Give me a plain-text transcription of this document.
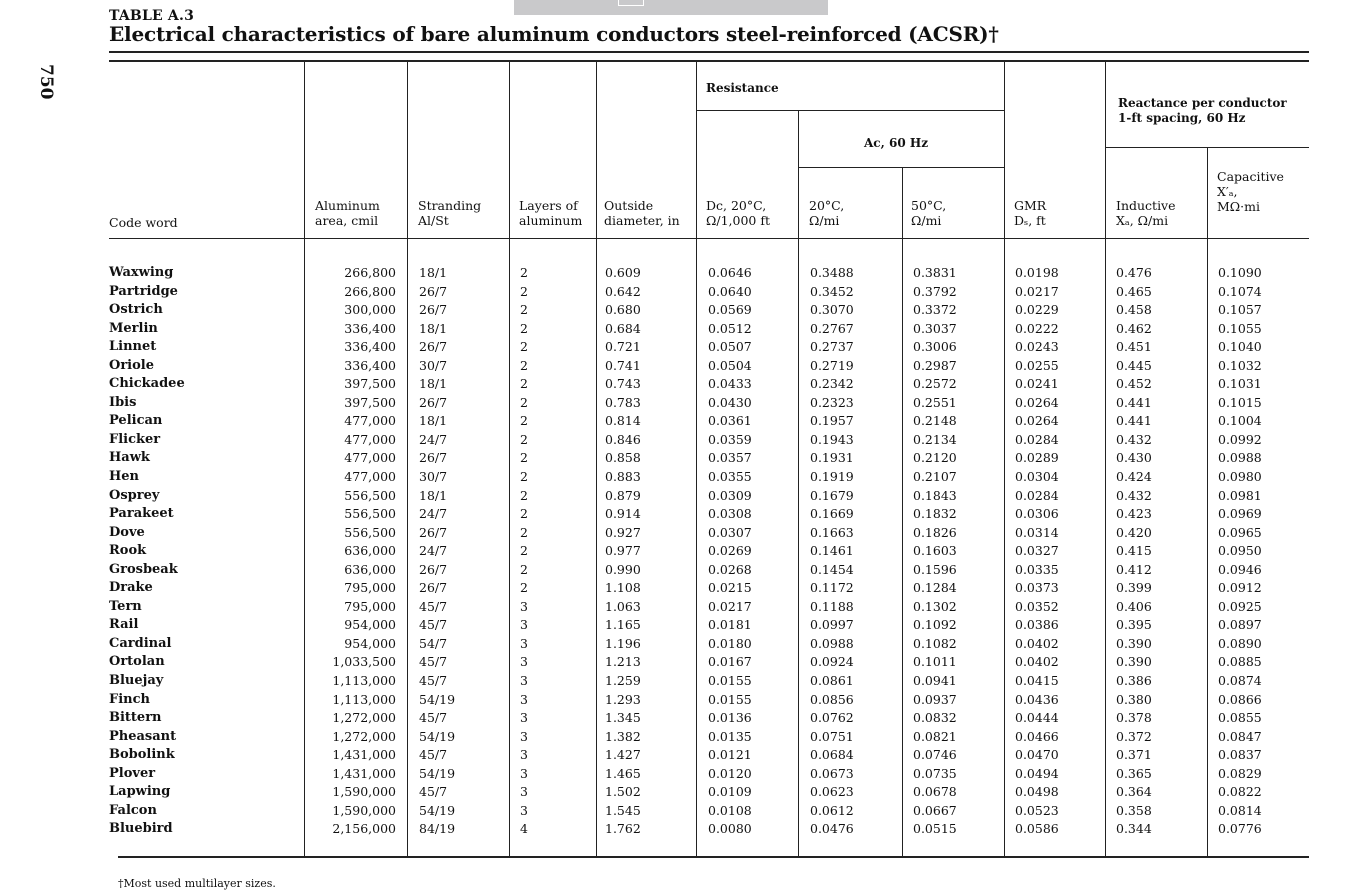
750
TABLE A.3
Electrical characteristics of bare aluminum conductors steel-reinforced (ACSR)†
Code word
Aluminum
area, cmil
Stranding
Al/St
Layers of
aluminum
Outside
diameter, in
Resistance
Ac, 60 Hz
Dc, 20°C,
Ω/1,000 ft
20°C,
Ω/mi
50°C,
Ω/mi
GMR
Dₛ, ft
Reactance per conductor
1-ft spacing, 60 Hz
Inductive
Xₐ, Ω/mi
Capacitive
X′ₐ,
MΩ·mi
Waxwing
Partridge
Ostrich
Merlin
Linnet
Oriole
Chickadee
Ibis
Pelican
Flicker
Hawk
Hen
Osprey
Parakeet
Dove
Rook
Grosbeak
Drake
Tern
Rail
Cardinal
Ortolan
Bluejay
Finch
Bittern
Pheasant
Bobolink
Plover
Lapwing
Falcon
Bluebird
266,800
266,800
300,000
336,400
336,400
336,400
397,500
397,500
477,000
477,000
477,000
477,000
556,500
556,500
556,500
636,000
636,000
795,000
795,000
954,000
954,000
1,033,500
1,113,000
1,113,000
1,272,000
1,272,000
1,431,000
1,431,000
1,590,000
1,590,000
2,156,000
18/1
26/7
26/7
18/1
26/7
30/7
18/1
26/7
18/1
24/7
26/7
30/7
18/1
24/7
26/7
24/7
26/7
26/7
45/7
45/7
54/7
45/7
45/7
54/19
45/7
54/19
45/7
54/19
45/7
54/19
84/19
2
2
2
2
2
2
2
2
2
2
2
2
2
2
2
2
2
2
3
3
3
3
3
3
3
3
3
3
3
3
4
0.609
0.642
0.680
0.684
0.721
0.741
0.743
0.783
0.814
0.846
0.858
0.883
0.879
0.914
0.927
0.977
0.990
1.108
1.063
1.165
1.196
1.213
1.259
1.293
1.345
1.382
1.427
1.465
1.502
1.545
1.762
0.0646
0.0640
0.0569
0.0512
0.0507
0.0504
0.0433
0.0430
0.0361
0.0359
0.0357
0.0355
0.0309
0.0308
0.0307
0.0269
0.0268
0.0215
0.0217
0.0181
0.0180
0.0167
0.0155
0.0155
0.0136
0.0135
0.0121
0.0120
0.0109
0.0108
0.0080
0.3488
0.3452
0.3070
0.2767
0.2737
0.2719
0.2342
0.2323
0.1957
0.1943
0.1931
0.1919
0.1679
0.1669
0.1663
0.1461
0.1454
0.1172
0.1188
0.0997
0.0988
0.0924
0.0861
0.0856
0.0762
0.0751
0.0684
0.0673
0.0623
0.0612
0.0476
0.3831
0.3792
0.3372
0.3037
0.3006
0.2987
0.2572
0.2551
0.2148
0.2134
0.2120
0.2107
0.1843
0.1832
0.1826
0.1603
0.1596
0.1284
0.1302
0.1092
0.1082
0.1011
0.0941
0.0937
0.0832
0.0821
0.0746
0.0735
0.0678
0.0667
0.0515
0.0198
0.0217
0.0229
0.0222
0.0243
0.0255
0.0241
0.0264
0.0264
0.0284
0.0289
0.0304
0.0284
0.0306
0.0314
0.0327
0.0335
0.0373
0.0352
0.0386
0.0402
0.0402
0.0415
0.0436
0.0444
0.0466
0.0470
0.0494
0.0498
0.0523
0.0586
0.476
0.465
0.458
0.462
0.451
0.445
0.452
0.441
0.441
0.432
0.430
0.424
0.432
0.423
0.420
0.415
0.412
0.399
0.406
0.395
0.390
0.390
0.386
0.380
0.378
0.372
0.371
0.365
0.364
0.358
0.344
0.1090
0.1074
0.1057
0.1055
0.1040
0.1032
0.1031
0.1015
0.1004
0.0992
0.0988
0.0980
0.0981
0.0969
0.0965
0.0950
0.0946
0.0912
0.0925
0.0897
0.0890
0.0885
0.0874
0.0866
0.0855
0.0847
0.0837
0.0829
0.0822
0.0814
0.0776
†Most used multilayer sizes.
